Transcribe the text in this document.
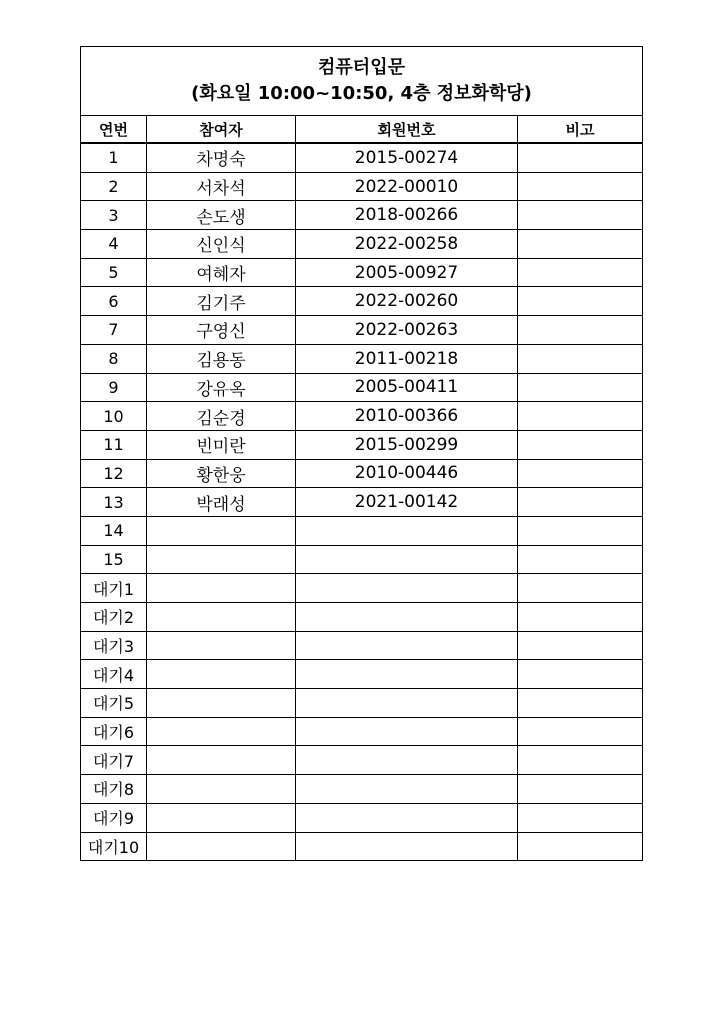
컴퓨터입문
(화요일 10:00~10:50, 4층 정보화학당)			

연번	참여자	회원번호	비고
1	차명숙	2015-00274	
2	서차석	2022-00010	
3	손도생	2018-00266	
4	신인식	2022-00258	
5	여혜자	2005-00927	
6	김기주	2022-00260	
7	구영신	2022-00263	
8	김용동	2011-00218	
9	강유옥	2005-00411	
10	김순경	2010-00366	
11	빈미란	2015-00299	
12	황한웅	2010-00446	
13	박래성	2021-00142	
14			
15			
대기1			
대기2			
대기3			
대기4			
대기5			
대기6			
대기7			
대기8			
대기9			
대기10			
